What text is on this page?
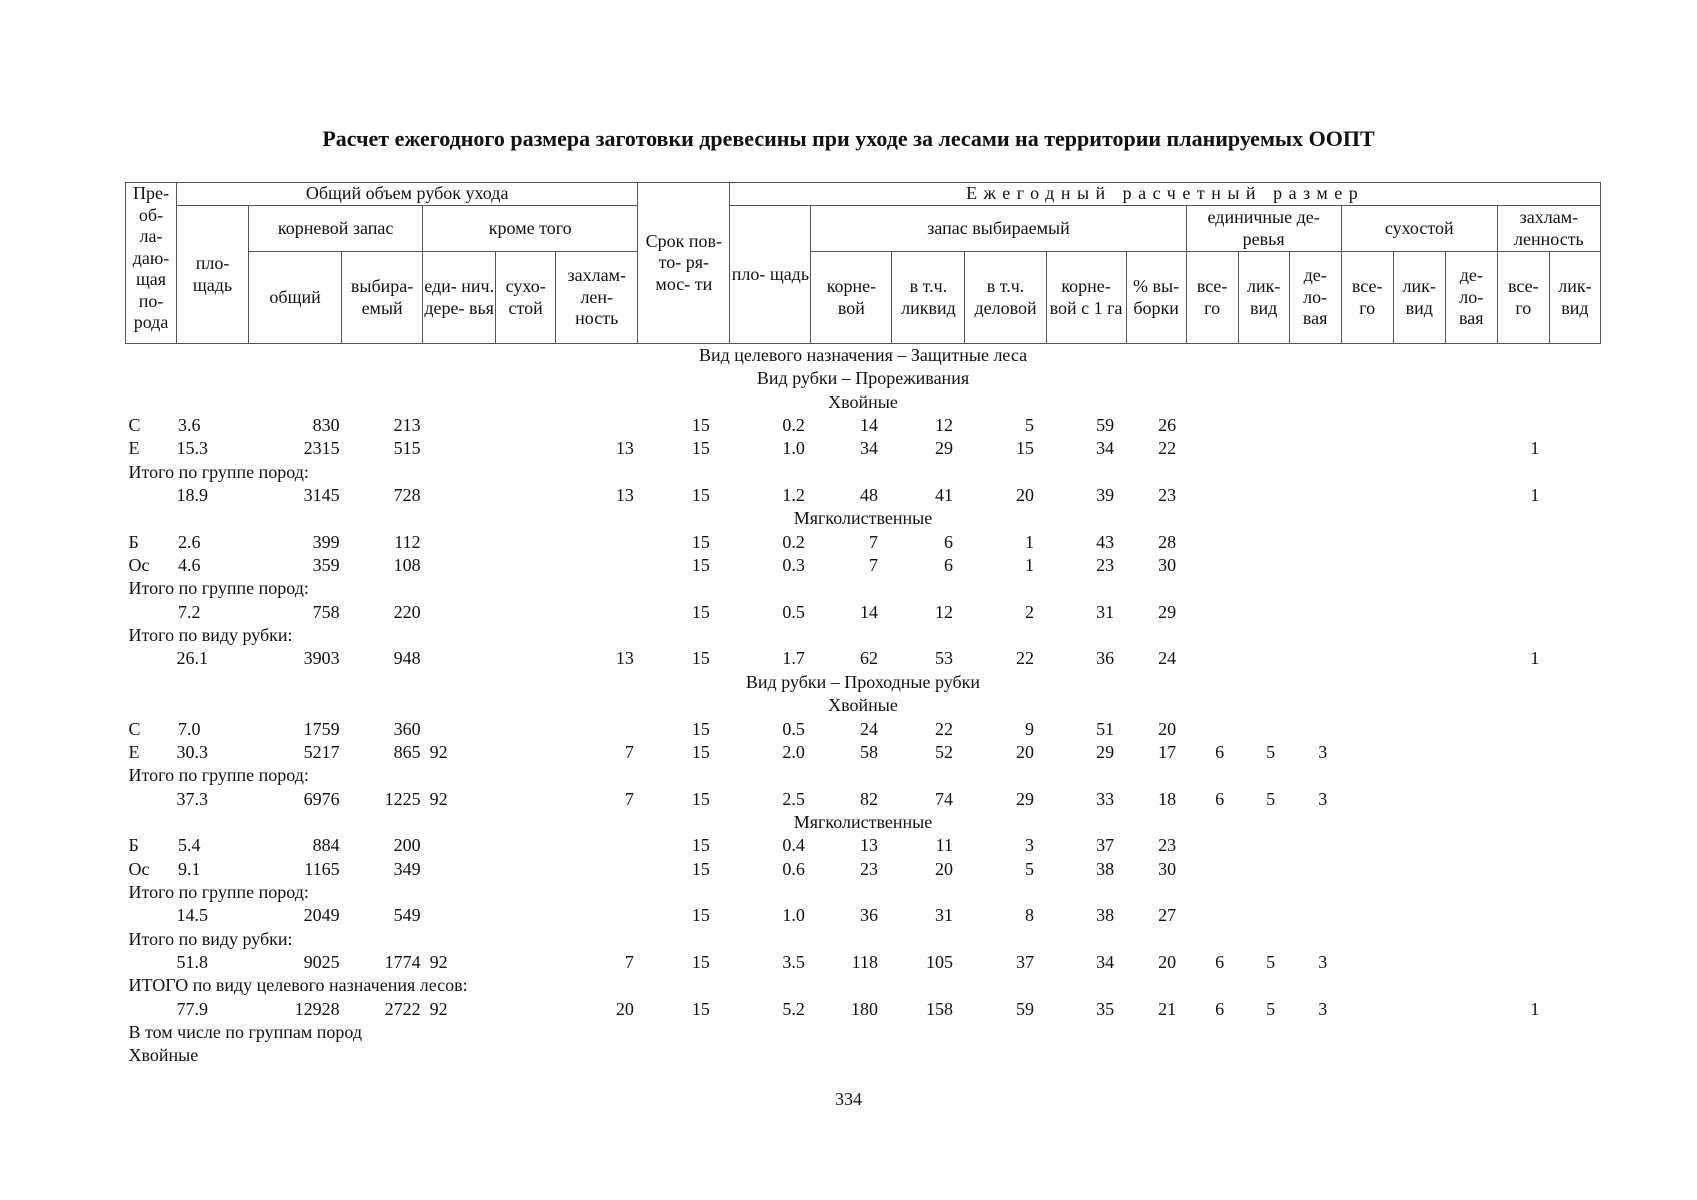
Расчет ежегодного размера заготовки древесины при уходе за лесами на территории планируемых ООПТ
Пре- об- ла- даю- щая по- рода	Общий объем рубок ухода						Срок пов- то- ря- мос- ти	Ежегодный расчетный размер													
	пло- щадь	корневой запас		кроме того				пло- щадь	запас выбираемый					единичные де- ревья			сухостой			захлам- ленность	
		общий	выбира- емый	еди- нич. дере- вья	сухо- стой	захлам- лен- ность			корне- вой	в т.ч. ликвид	в т.ч. деловой	корне- вой с 1 га	% вы- борки	все- го	лик- вид	де- ло- вая	все- го	лик- вид	де- ло- вая	все- го	лик- вид
Вид целевого назначения – Защитные леса																					
Вид рубки – Прореживания																					
Хвойные																					
С	3.6	830	213				15	0.2	14	12	5	59	26								
Е	15.3	2315	515			13	15	1.0	34	29	15	34	22							1	
Итого по группе пород:																					
	18.9	3145	728			13	15	1.2	48	41	20	39	23							1	
Мягколиственные																					
Б	2.6	399	112				15	0.2	7	6	1	43	28								
Ос	4.6	359	108				15	0.3	7	6	1	23	30								
Итого по группе пород:																					
	7.2	758	220				15	0.5	14	12	2	31	29								
Итого по виду рубки:																					
	26.1	3903	948			13	15	1.7	62	53	22	36	24							1	
Вид рубки – Проходные рубки																					
Хвойные																					
С	7.0	1759	360				15	0.5	24	22	9	51	20								
Е	30.3	5217	865	92		7	15	2.0	58	52	20	29	17	6	5	3					
Итого по группе пород:																					
	37.3	6976	1225	92		7	15	2.5	82	74	29	33	18	6	5	3					
Мягколиственные																					
Б	5.4	884	200				15	0.4	13	11	3	37	23								
Ос	9.1	1165	349				15	0.6	23	20	5	38	30								
Итого по группе пород:																					
	14.5	2049	549				15	1.0	36	31	8	38	27								
Итого по виду рубки:																					
	51.8	9025	1774	92		7	15	3.5	118	105	37	34	20	6	5	3					
ИТОГО по виду целевого назначения лесов:																					
	77.9	12928	2722	92		20	15	5.2	180	158	59	35	21	6	5	3				1	
В том числе по группам пород																					
Хвойные																					
334
